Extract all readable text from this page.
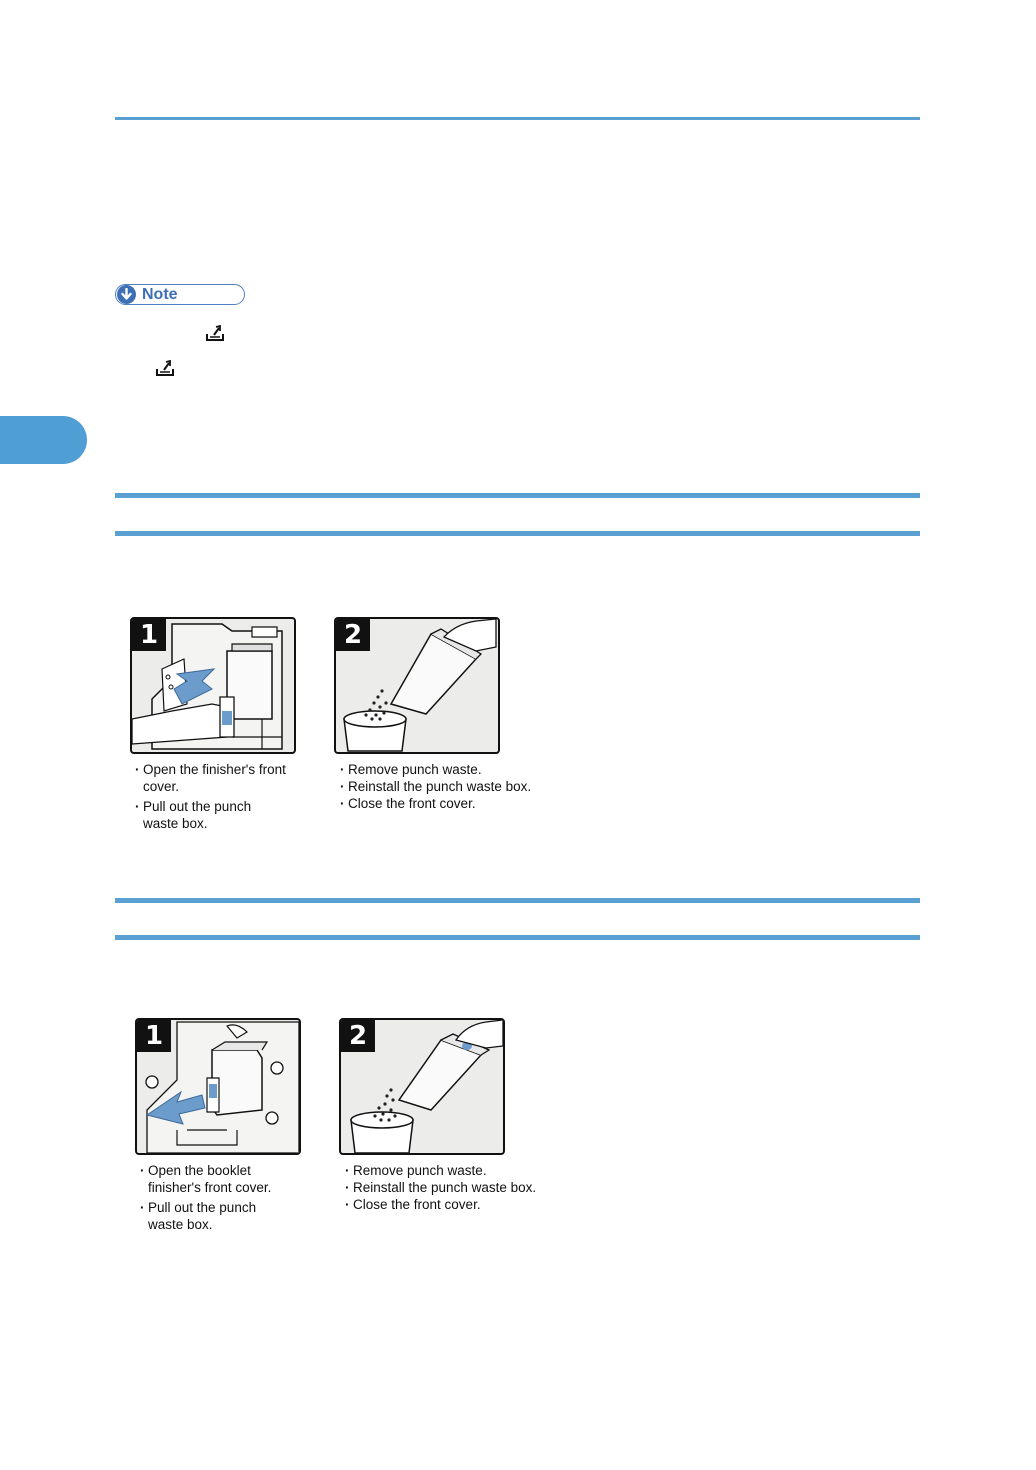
Note
1	2
· Open the finisher's front
cover.
· Pull out the punch
waste box.
· Remove punch waste.
· Reinstall the punch waste box.
· Close the front cover.
1	2
· Open the booklet
finisher's front cover.
· Pull out the punch
waste box.
· Remove punch waste.
· Reinstall the punch waste box.
· Close the front cover.
